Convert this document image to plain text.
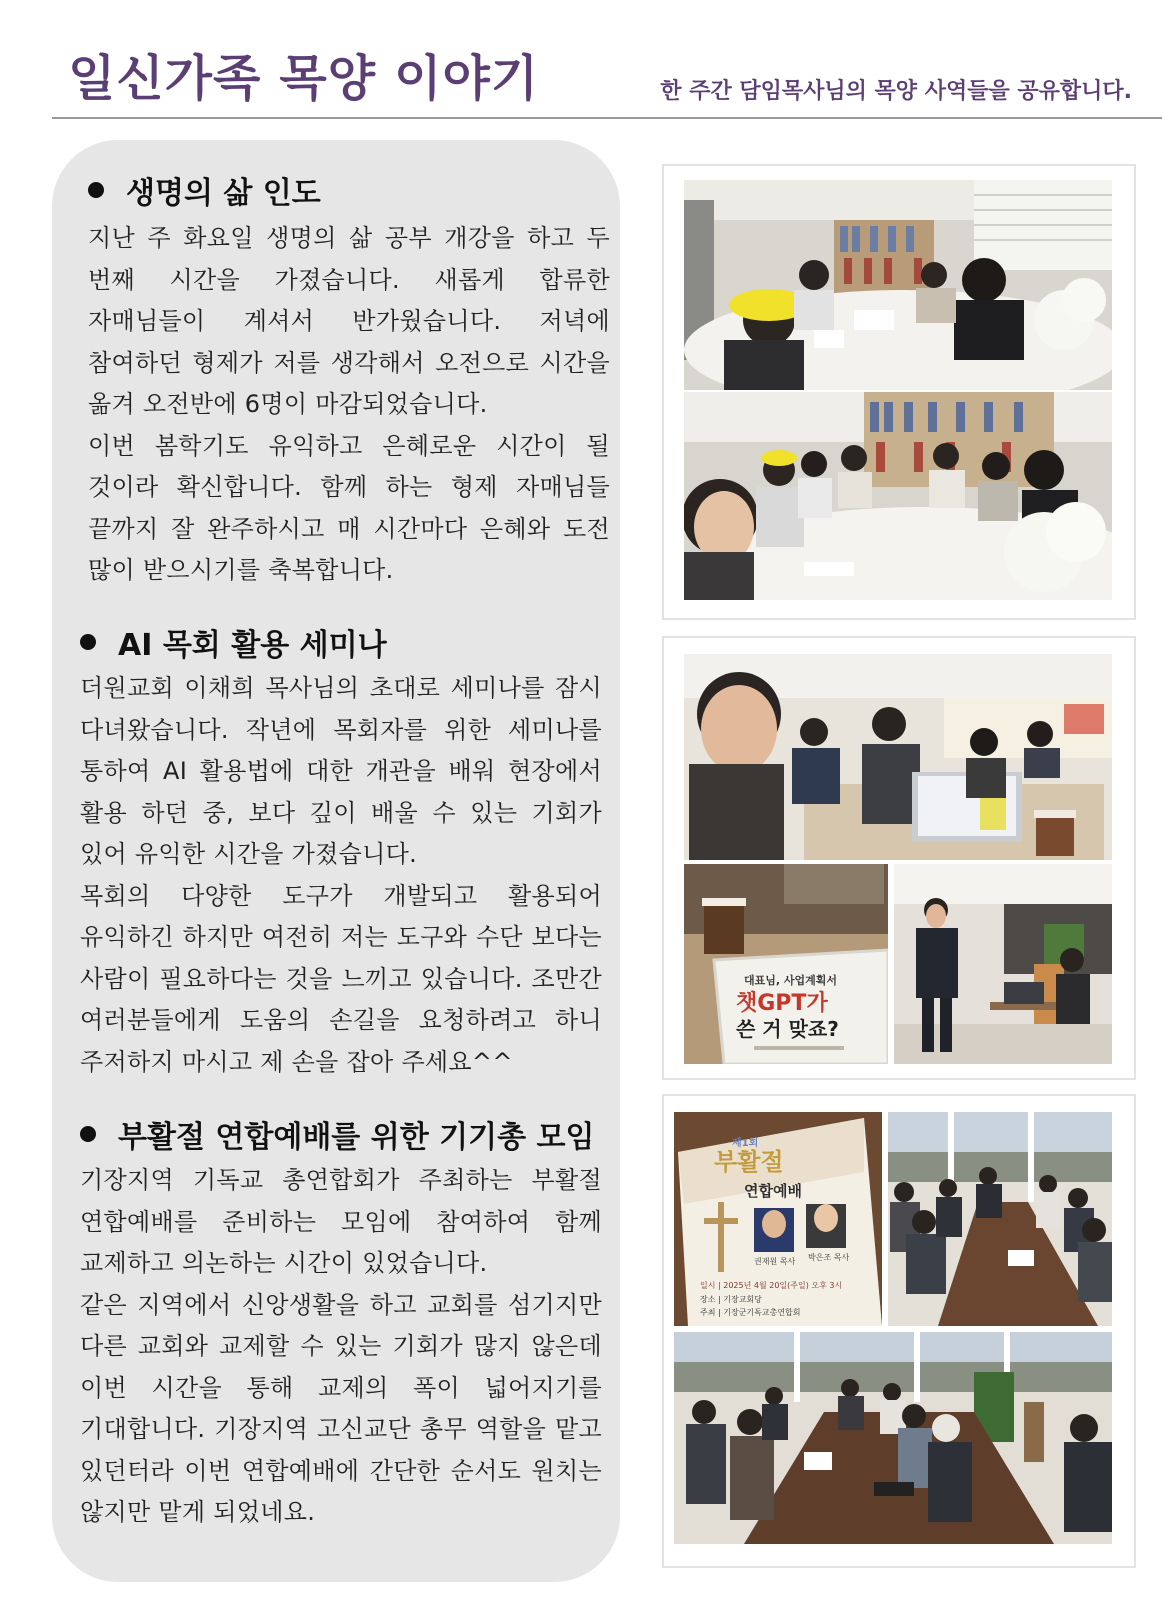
일신가족 목양 이야기	한 주간 담임목사님의 목양 사역들을 공유합니다.
생명의 삶 인도

지난 주 화요일 생명의 삶 공부 개강을 하고 두 번째 시간을 가졌습니다. 새롭게 합류한 자매님들이 계셔서 반가웠습니다. 저녁에 참여하던 형제가 저를 생각해서 오전으로 시간을 옮겨 오전반에 6명이 마감되었습니다.

이번 봄학기도 유익하고 은혜로운 시간이 될 것이라 확신합니다. 함께 하는 형제 자매님들 끝까지 잘 완주하시고 매 시간마다 은혜와 도전 많이 받으시기를 축복합니다.

AI 목회 활용 세미나

더원교회 이채희 목사님의 초대로 세미나를 잠시 다녀왔습니다. 작년에 목회자를 위한 세미나를 통하여 AI 활용법에 대한 개관을 배워 현장에서 활용 하던 중, 보다 깊이 배울 수 있는 기회가 있어 유익한 시간을 가졌습니다.

목회의 다양한 도구가 개발되고 활용되어 유익하긴 하지만 여전히 저는 도구와 수단 보다는 사람이 필요하다는 것을 느끼고 있습니다. 조만간 여러분들에게 도움의 손길을 요청하려고 하니 주저하지 마시고 제 손을 잡아 주세요^^

부활절 연합예배를 위한 기기총 모임

기장지역 기독교 총연합회가 주최하는 부활절 연합예배를 준비하는 모임에 참여하여 함께 교제하고 의논하는 시간이 있었습니다.

같은 지역에서 신앙생활을 하고 교회를 섬기지만 다른 교회와 교제할 수 있는 기회가 많지 않은데 이번 시간을 통해 교제의 폭이 넓어지기를 기대합니다. 기장지역 고신교단 총무 역할을 맡고 있던터라 이번 연합예배에 간단한 순서도 원치는 않지만 맡게 되었네요.

대표님, 사업계획서
챗GPT가
쓴 거 맞죠?
제1회
부활절
연합예배
권재원 목사 박은조 목사
일시 | 2025년 4월 20일(주일) 오후 3시
장소 | 기장교회당
주최 | 기장군기독교총연합회
